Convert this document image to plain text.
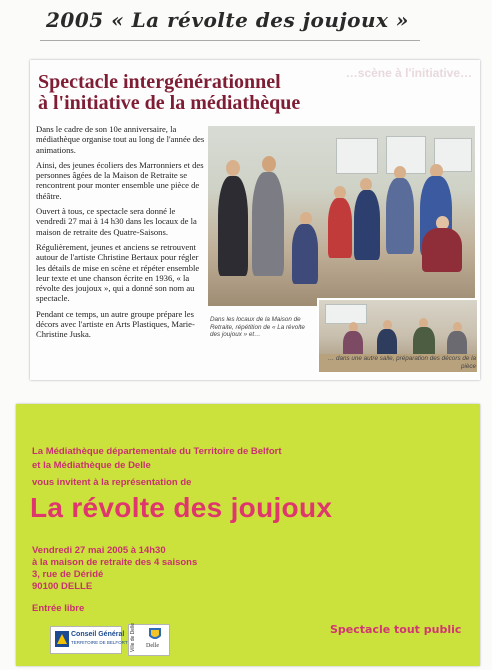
2005 « La révolte des joujoux »
…scène à l'initiative…
Spectacle intergénérationnel
à l'initiative de la médiathèque

Dans le cadre de son 10e anniversaire, la médiathèque organise tout au long de l'année des animations.

Ainsi, des jeunes écoliers des Marronniers et des personnes âgées de la Maison de Retraite se rencontrent pour monter ensemble une pièce de théâtre.

Ouvert à tous, ce spectacle sera donné le vendredi 27 mai à 14 h30 dans les locaux de la maison de retraite des Quatre-Saisons.

Régulièrement, jeunes et anciens se retrouvent autour de l'artiste Christine Bertaux pour régler les détails de mise en scène et répéter ensemble leur texte et une chanson écrite en 1936, « la révolte des joujoux », qui a donné son nom au spectacle.

Pendant ce temps, un autre groupe prépare les décors avec l'artiste en Arts Plastiques, Marie-Christine Juska.

Dans les locaux de la Maison de Retraite, répétition de « La révolte des joujoux » et…
… dans une autre salle, préparation des décors de la pièce
La Médiathèque départementale du Territoire de Belfort
et la Médiathèque de Delle
vous invitent à la représentation de
La révolte des joujoux
Vendredi 27 mai 2005 à 14h30
à la maison de retraite des 4 saisons
3, rue de Déridé
90100 DELLE
Entrée libre
Spectacle tout public
Conseil Général
TERRITOIRE DE BELFORT Ville de Delle	Delle
